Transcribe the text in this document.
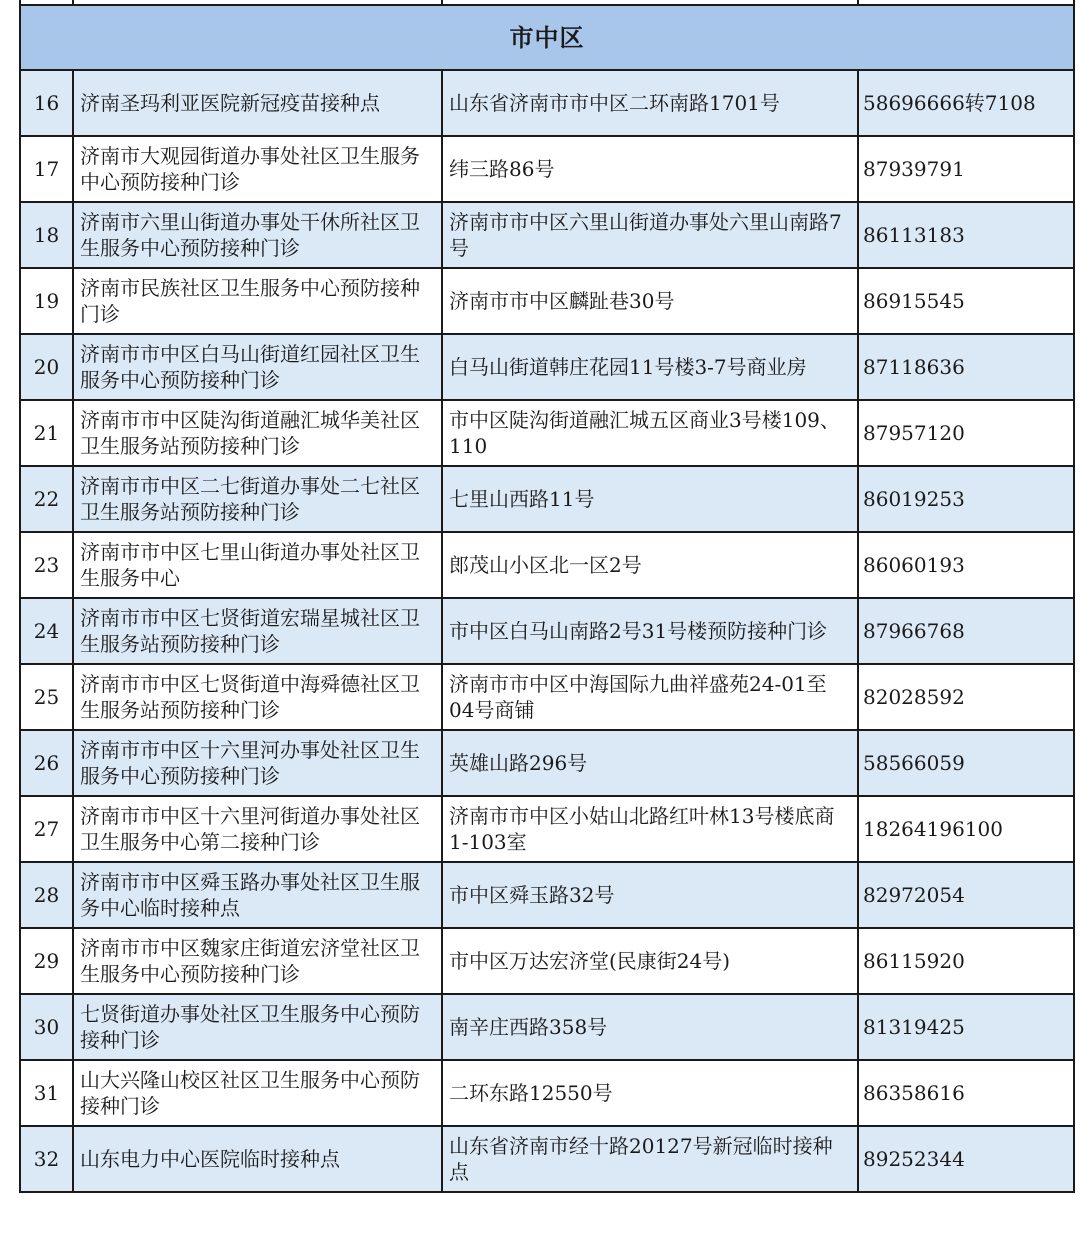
市中区			
16	济南圣玛利亚医院新冠疫苗接种点	山东省济南市市中区二环南路1701号	58696666转7108
17	济南市大观园街道办事处社区卫生服务中心预防接种门诊	纬三路86号	87939791
18	济南市六里山街道办事处干休所社区卫生服务中心预防接种门诊	济南市市中区六里山街道办事处六里山南路7号	86113183
19	济南市民族社区卫生服务中心预防接种门诊	济南市市中区麟趾巷30号	86915545
20	济南市市中区白马山街道红园社区卫生服务中心预防接种门诊	白马山街道韩庄花园11号楼3-7号商业房	87118636
21	济南市市中区陡沟街道融汇城华美社区卫生服务站预防接种门诊	市中区陡沟街道融汇城五区商业3号楼109、110	87957120
22	济南市市中区二七街道办事处二七社区卫生服务站预防接种门诊	七里山西路11号	86019253
23	济南市市中区七里山街道办事处社区卫生服务中心	郎茂山小区北一区2号	86060193
24	济南市市中区七贤街道宏瑞星城社区卫生服务站预防接种门诊	市中区白马山南路2号31号楼预防接种门诊	87966768
25	济南市市中区七贤街道中海舜德社区卫生服务站预防接种门诊	济南市市中区中海国际九曲祥盛苑24-01至04号商铺	82028592
26	济南市市中区十六里河办事处社区卫生服务中心预防接种门诊	英雄山路296号	58566059
27	济南市市中区十六里河街道办事处社区卫生服务中心第二接种门诊	济南市市中区小姑山北路红叶林13号楼底商1-103室	18264196100
28	济南市市中区舜玉路办事处社区卫生服务中心临时接种点	市中区舜玉路32号	82972054
29	济南市市中区魏家庄街道宏济堂社区卫生服务中心预防接种门诊	市中区万达宏济堂(民康街24号)	86115920
30	七贤街道办事处社区卫生服务中心预防接种门诊	南辛庄西路358号	81319425
31	山大兴隆山校区社区卫生服务中心预防接种门诊	二环东路12550号	86358616
32	山东电力中心医院临时接种点	山东省济南市经十路20127号新冠临时接种点	89252344
